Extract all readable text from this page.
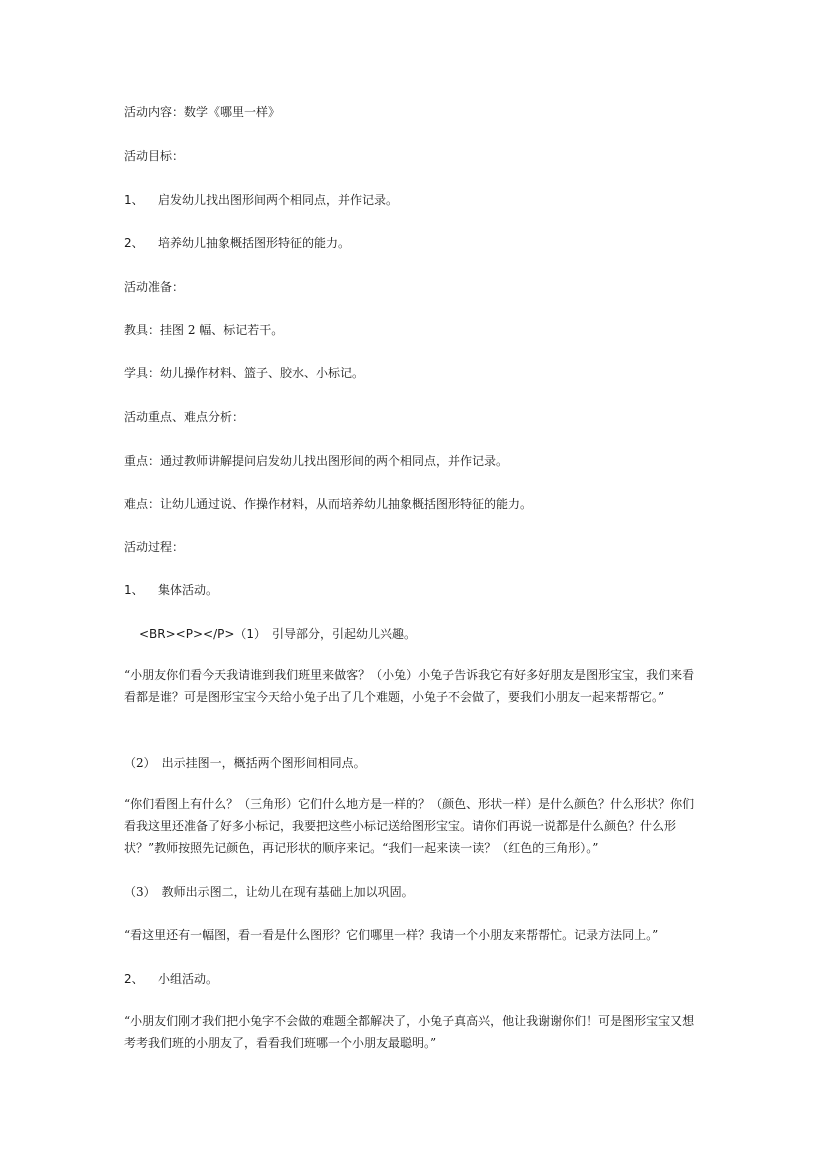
活动内容：数学《哪里一样》
活动目标：
1、 启发幼儿找出图形间两个相同点，并作记录。
2、 培养幼儿抽象概括图形特征的能力。
活动准备：
教具：挂图 2 幅、标记若干。
学具：幼儿操作材料、篮子、胶水、小标记。
活动重点、难点分析：
重点：通过教师讲解提问启发幼儿找出图形间的两个相同点，并作记录。
难点：让幼儿通过说、作操作材料，从而培养幼儿抽象概括图形特征的能力。
活动过程：
1、 集体活动。
<BR><P></P>（1）　引导部分，引起幼儿兴趣。
“小朋友你们看今天我请谁到我们班里来做客？（小兔）小兔子告诉我它有好多好朋友是图形宝宝，我们来看看都是谁？可是图形宝宝今天给小兔子出了几个难题，小兔子不会做了，要我们小朋友一起来帮帮它。”
（2）　出示挂图一，概括两个图形间相同点。
“你们看图上有什么？（三角形）它们什么地方是一样的？（颜色、形状一样）是什么颜色？什么形状？你们看我这里还准备了好多小标记，我要把这些小标记送给图形宝宝。请你们再说一说都是什么颜色？什么形状？”教师按照先记颜色，再记形状的顺序来记。“我们一起来读一读？（红色的三角形）。”
（3）　教师出示图二，让幼儿在现有基础上加以巩固。
“看这里还有一幅图，看一看是什么图形？它们哪里一样？我请一个小朋友来帮帮忙。记录方法同上。”
2、 小组活动。
“小朋友们刚才我们把小兔字不会做的难题全都解决了，小兔子真高兴，他让我谢谢你们！可是图形宝宝又想考考我们班的小朋友了，看看我们班哪一个小朋友最聪明。”
